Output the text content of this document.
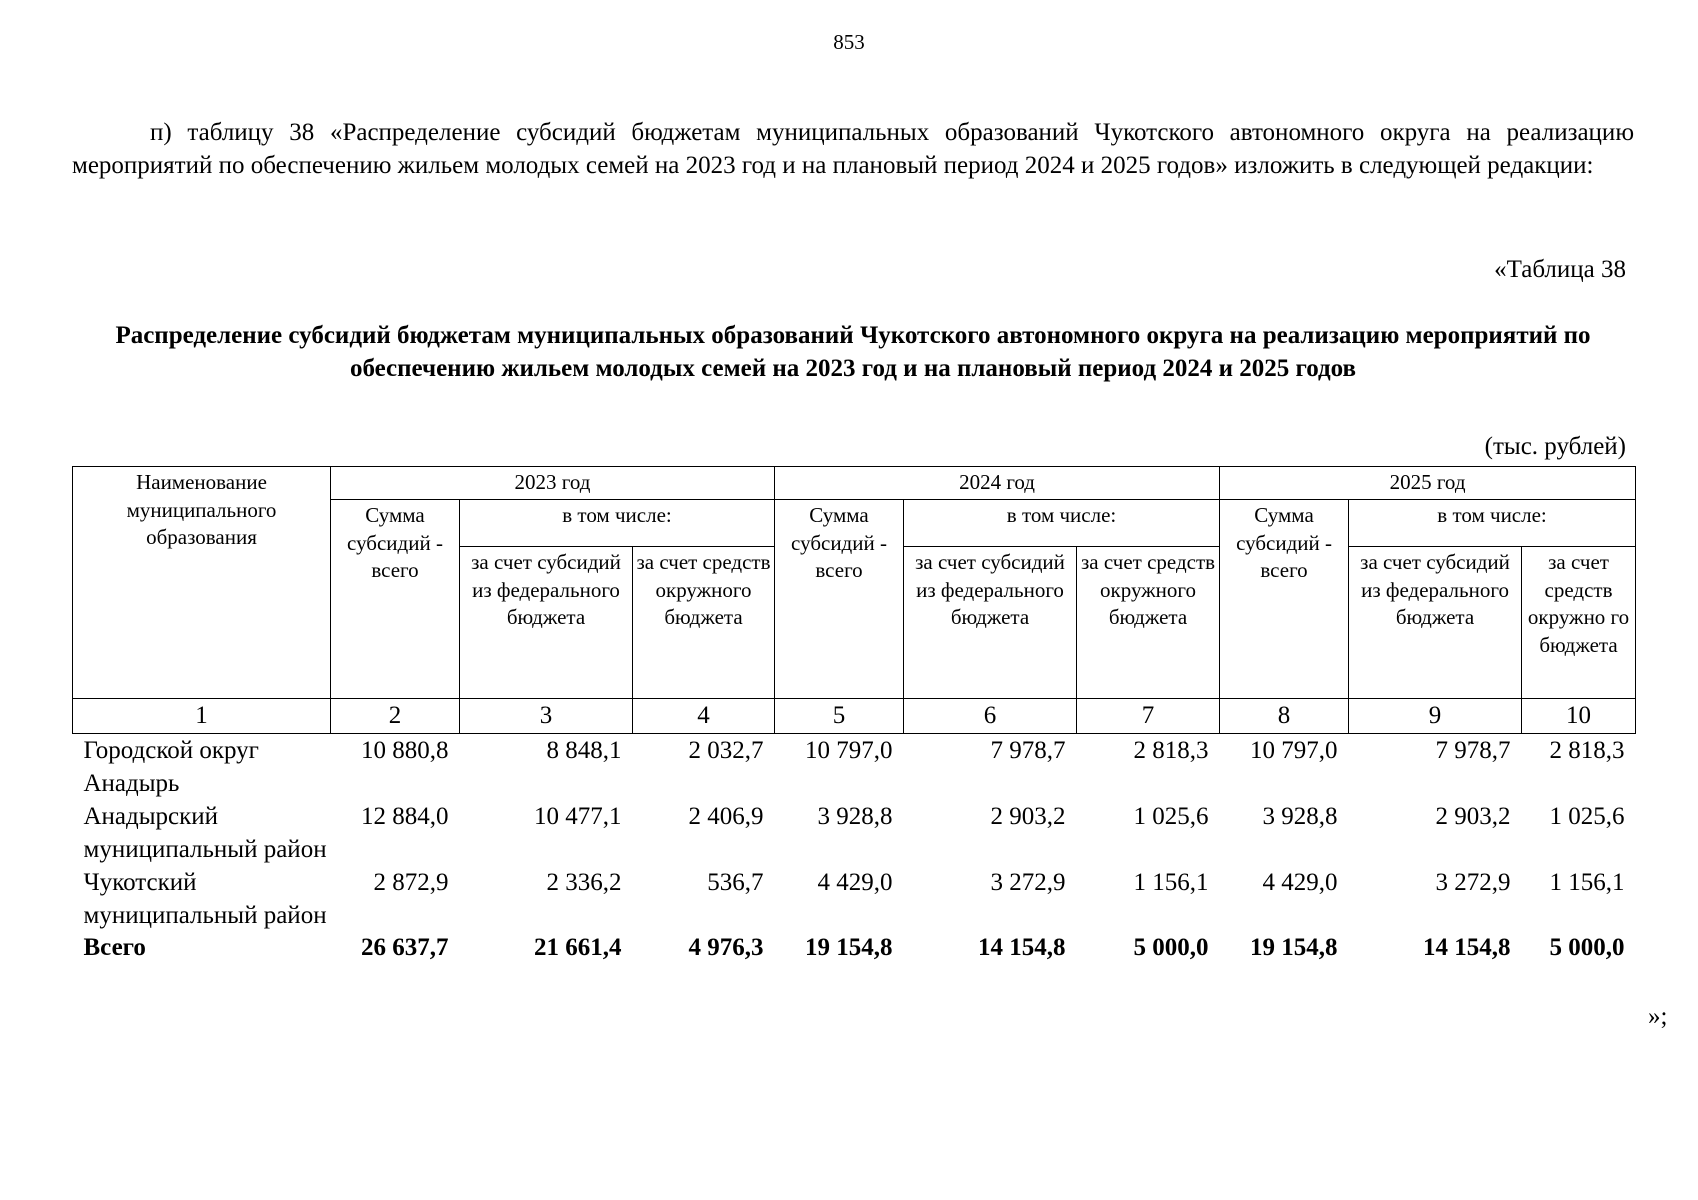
853

п) таблицу 38 «Распределение субсидий бюджетам муниципальных образований Чукотского автономного округа на реализацию мероприятий по обеспечению жильем молодых семей на 2023 год и на плановый период 2024 и 2025 годов» изложить в следующей редакции:

«Таблица 38

Распределение субсидий бюджетам муниципальных образований Чукотского автономного округа на реализацию мероприятий по обеспечению жильем молодых семей на 2023 год и на плановый период 2024 и 2025 годов

(тыс. рублей)
Наименование муниципального образования	2023 год			2024 год			2025 год		
	Сумма субсидий - всего	в том числе:		Сумма субсидий - всего	в том числе:		Сумма субсидий - всего	в том числе:	
		за счет субсидий из федерального бюджета	за счет средств окружного бюджета		за счет субсидий из федерального бюджета	за счет средств окружного бюджета		за счет субсидий из федерального бюджета	за счет средств окружно го бюджета
1	2	3	4	5	6	7	8	9	10
Городской округ Анадырь	10 880,8	8 848,1	2 032,7	10 797,0	7 978,7	2 818,3	10 797,0	7 978,7	2 818,3
Анадырский муниципальный район	12 884,0	10 477,1	2 406,9	3 928,8	2 903,2	1 025,6	3 928,8	2 903,2	1 025,6
Чукотский муниципальный район	2 872,9	2 336,2	536,7	4 429,0	3 272,9	1 156,1	4 429,0	3 272,9	1 156,1
Всего	26 637,7	21 661,4	4 976,3	19 154,8	14 154,8	5 000,0	19 154,8	14 154,8	5 000,0
»;
